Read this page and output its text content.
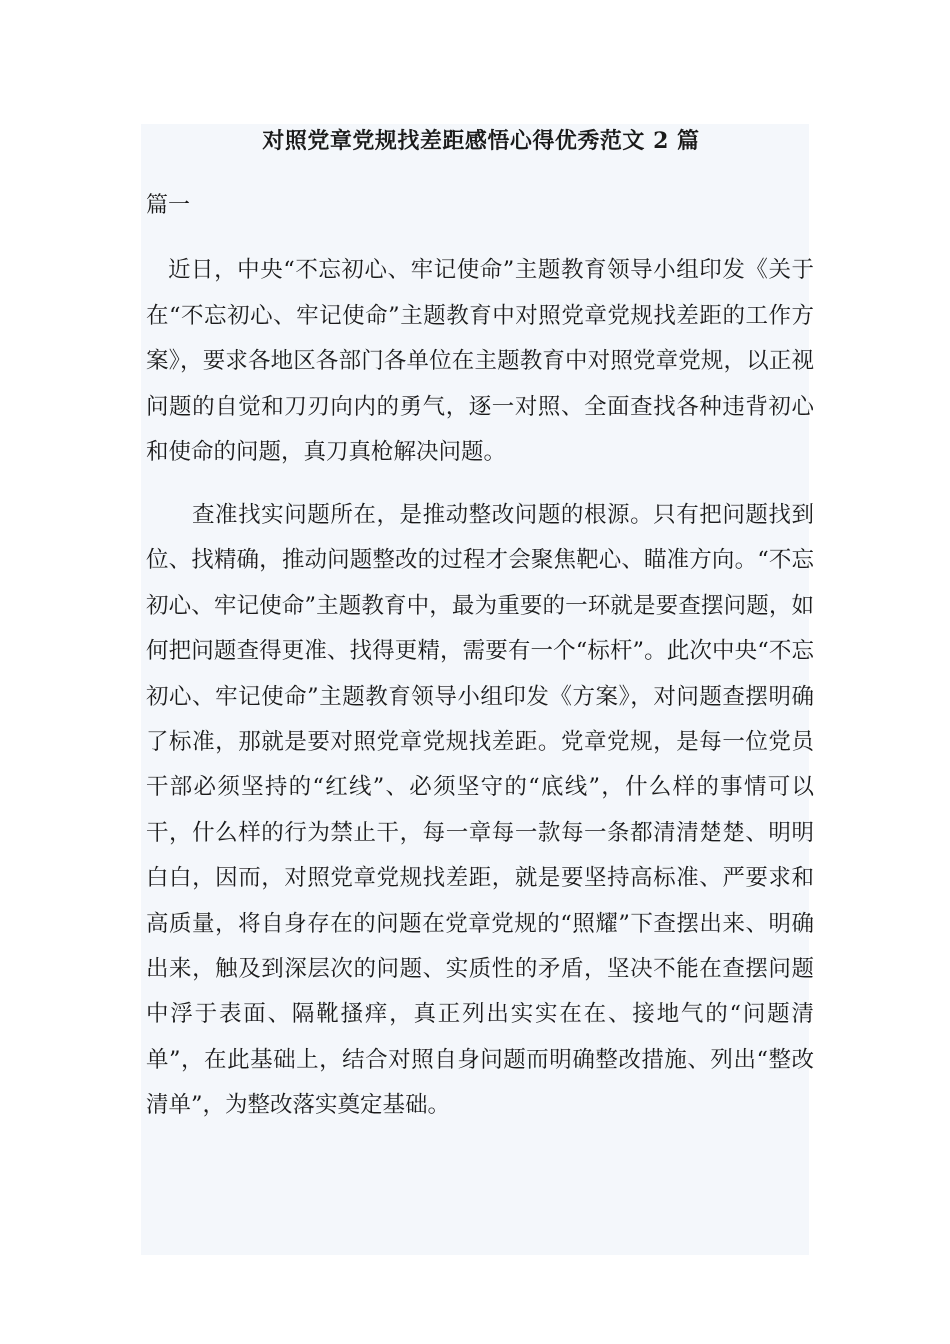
对照党章党规找差距感悟心得优秀范文 2 篇
篇一

近日，中央“不忘初心、牢记使命”主题教育领导小组印发《关于在“不忘初心、牢记使命”主题教育中对照党章党规找差距的工作方案》，要求各地区各部门各单位在主题教育中对照党章党规，以正视问题的自觉和刀刃向内的勇气，逐一对照、全面查找各种违背初心和使命的问题，真刀真枪解决问题。

查准找实问题所在，是推动整改问题的根源。只有把问题找到位、找精确，推动问题整改的过程才会聚焦靶心、瞄准方向。“不忘初心、牢记使命”主题教育中，最为重要的一环就是要查摆问题，如何把问题查得更准、找得更精，需要有一个“标杆”。此次中央“不忘初心、牢记使命”主题教育领导小组印发《方案》，对问题查摆明确了标准，那就是要对照党章党规找差距。党章党规，是每一位党员干部必须坚持的“红线”、必须坚守的“底线”，什么样的事情可以干，什么样的行为禁止干，每一章每一款每一条都清清楚楚、明明白白，因而，对照党章党规找差距，就是要坚持高标准、严要求和高质量，将自身存在的问题在党章党规的“照耀”下查摆出来、明确出来，触及到深层次的问题、实质性的矛盾，坚决不能在查摆问题中浮于表面、隔靴搔痒，真正列出实实在在、接地气的“问题清单”，在此基础上，结合对照自身问题而明确整改措施、列出“整改清单”，为整改落实奠定基础。
